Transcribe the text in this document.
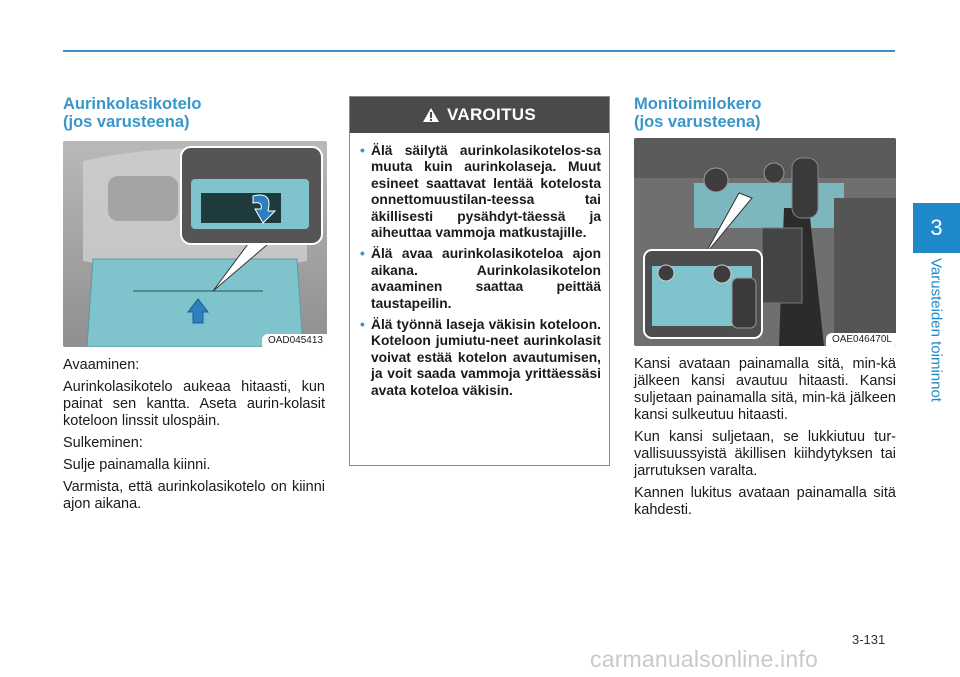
3
Varusteiden toiminnot
Aurinkolasikotelo
(jos varusteena)
OAD045413

Avaaminen:

Aurinkolasikotelo aukeaa hitaasti, kun painat sen kantta. Aseta aurin-kolasit koteloon linssit ulospäin.

Sulkeminen:

Sulje painamalla kiinni.

Varmista, että aurinkolasikotelo on kiinni ajon aikana.

VAROITUS
• Älä säilytä aurinkolasikotelos-sa muuta kuin aurinkolaseja. Muut esineet saattavat lentää kotelosta onnettomuustilan-teessa tai äkillisesti pysähdyt-täessä ja aiheuttaa vammoja matkustajille.
• Älä avaa aurinkolasikoteloa ajon aikana. Aurinkolasikotelon avaaminen saattaa peittää taustapeilin.
• Älä työnnä laseja väkisin koteloon. Koteloon jumiutu-neet aurinkolasit voivat estää kotelon avautumisen, ja voit saada vammoja yrittäessäsi avata koteloa väkisin.
Monitoimilokero
(jos varusteena)
OAE046470L

Kansi avataan painamalla sitä, min-kä jälkeen kansi avautuu hitaasti. Kansi suljetaan painamalla sitä, min-kä jälkeen kansi sulkeutuu hitaasti.

Kun kansi suljetaan, se lukkiutuu tur-vallisuussyistä äkillisen kiihdytyksen tai jarrutuksen varalta.

Kannen lukitus avataan painamalla sitä kahdesti.

3-131
carmanualsonline.info
